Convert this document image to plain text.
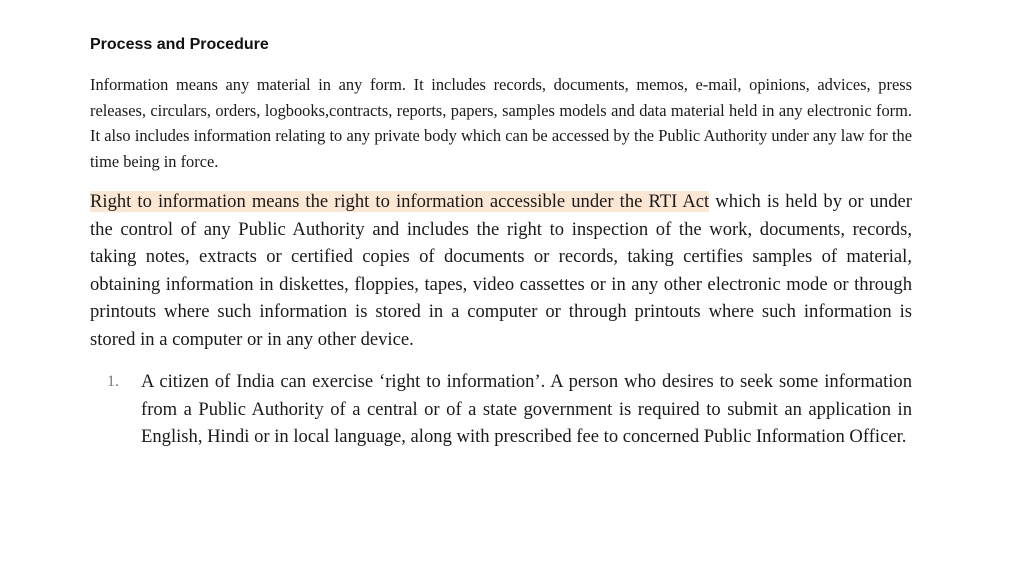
Process and Procedure

Information means any material in any form. It includes records, documents, memos, e-mail, opinions, advices, press releases, circulars, orders, logbooks,contracts, reports, papers, samples models and data material held in any electronic form. It also includes information relating to any private body which can be accessed by the Public Authority under any law for the time being in force.

Right to information means the right to information accessible under the RTI Act which is held by or under the control of any Public Authority and includes the right to inspection of the work, documents, records, taking notes, extracts or certified copies of documents or records, taking certifies samples of material, obtaining information in diskettes, floppies, tapes, video cassettes or in any other electronic mode or through printouts where such information is stored in a computer or through printouts where such information is stored in a computer or in any other device.

1. A citizen of India can exercise ‘right to information’. A person who desires to seek some information from a Public Authority of a central or of a state government is required to submit an application in English, Hindi or in local language, along with prescribed fee to concerned Public Information Officer.
